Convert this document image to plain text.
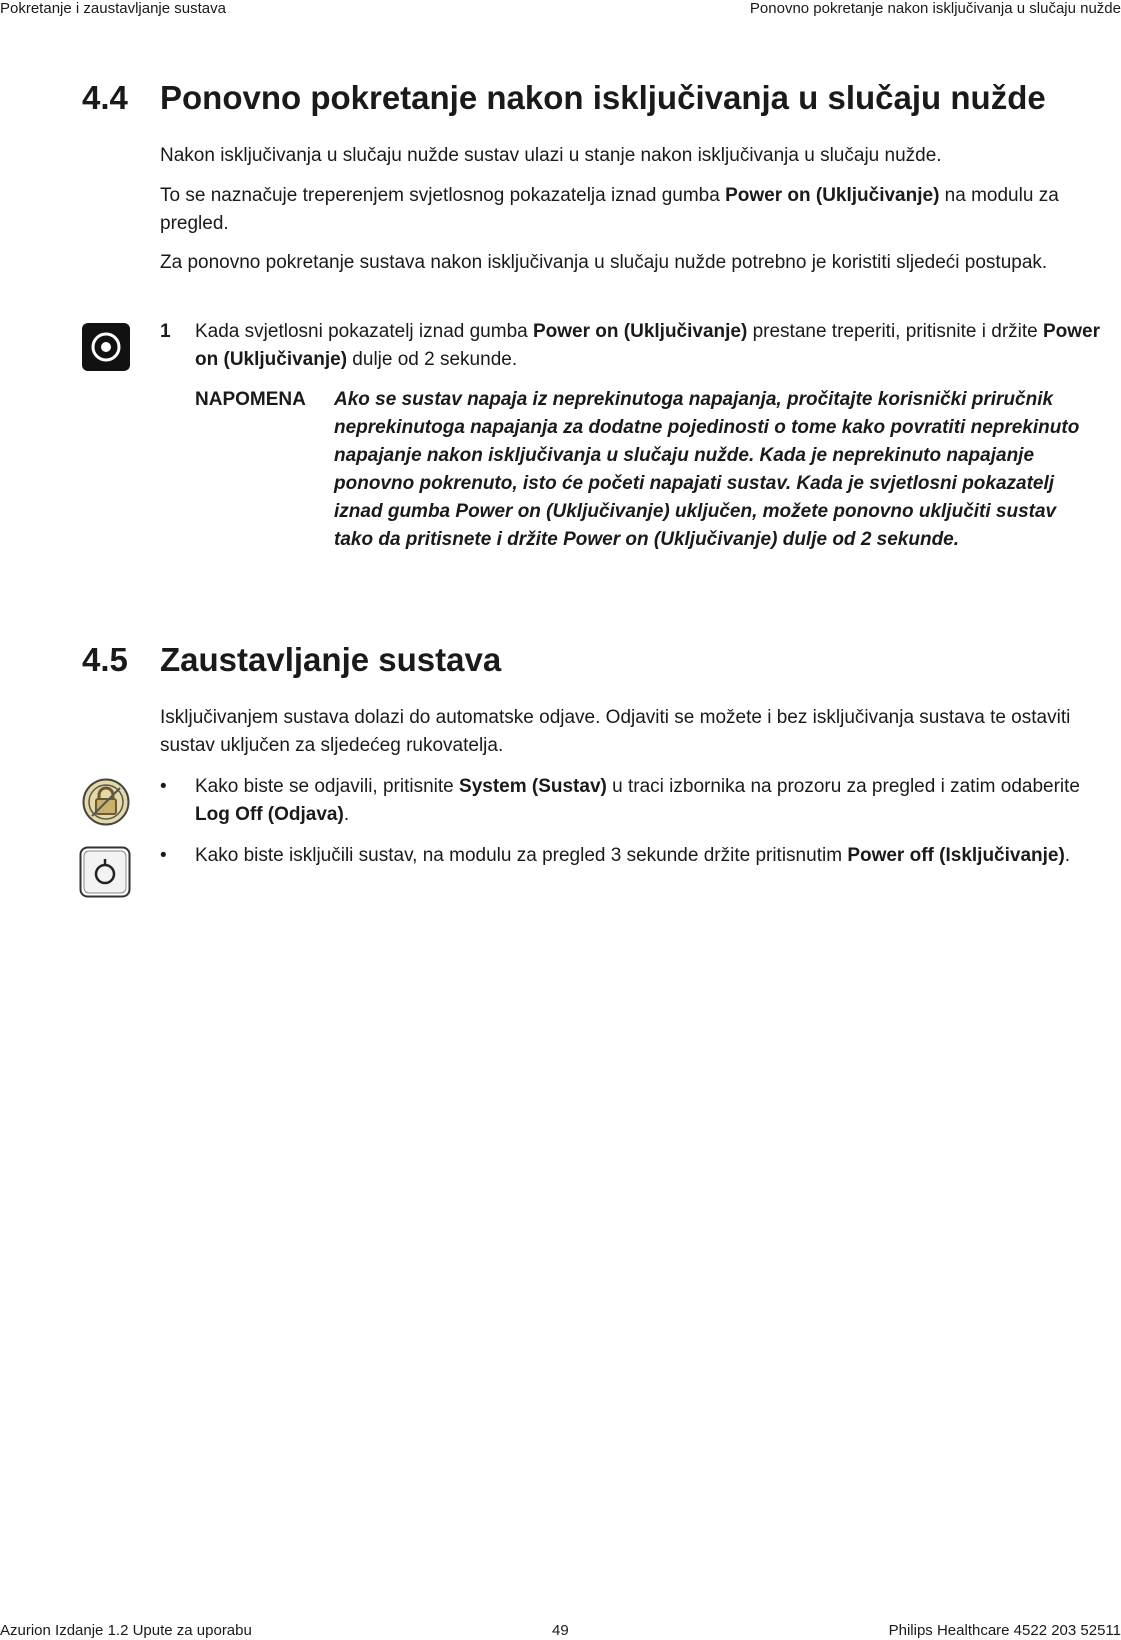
Pokretanje i zaustavljanje sustava	Ponovno pokretanje nakon isključivanja u slučaju nužde
4.4 Ponovno pokretanje nakon isključivanja u slučaju nužde
Nakon isključivanja u slučaju nužde sustav ulazi u stanje nakon isključivanja u slučaju nužde.
To se naznačuje treperenjem svjetlosnog pokazatelja iznad gumba Power on (Uključivanje) na modulu za pregled.
Za ponovno pokretanje sustava nakon isključivanja u slučaju nužde potrebno je koristiti sljedeći postupak.
1 Kada svjetlosni pokazatelj iznad gumba Power on (Uključivanje) prestane treperiti, pritisnite i držite Power on (Uključivanje) dulje od 2 sekunde.
NAPOMENA Ako se sustav napaja iz neprekinutoga napajanja, pročitajte korisnički priručnik neprekinutoga napajanja za dodatne pojedinosti o tome kako povratiti neprekinuto napajanje nakon isključivanja u slučaju nužde. Kada je neprekinuto napajanje ponovno pokrenuto, isto će početi napajati sustav. Kada je svjetlosni pokazatelj iznad gumba Power on (Uključivanje) uključen, možete ponovno uključiti sustav tako da pritisnete i držite Power on (Uključivanje) dulje od 2 sekunde.
4.5 Zaustavljanje sustava
Isključivanjem sustava dolazi do automatske odjave. Odjaviti se možete i bez isključivanja sustava te ostaviti sustav uključen za sljedećeg rukovatelja.
• Kako biste se odjavili, pritisnite System (Sustav) u traci izbornika na prozoru za pregled i zatim odaberite Log Off (Odjava).
• Kako biste isključili sustav, na modulu za pregled 3 sekunde držite pritisnutim Power off (Isključivanje).
Azurion Izdanje 1.2 Upute za uporabu	49	Philips Healthcare 4522 203 52511
